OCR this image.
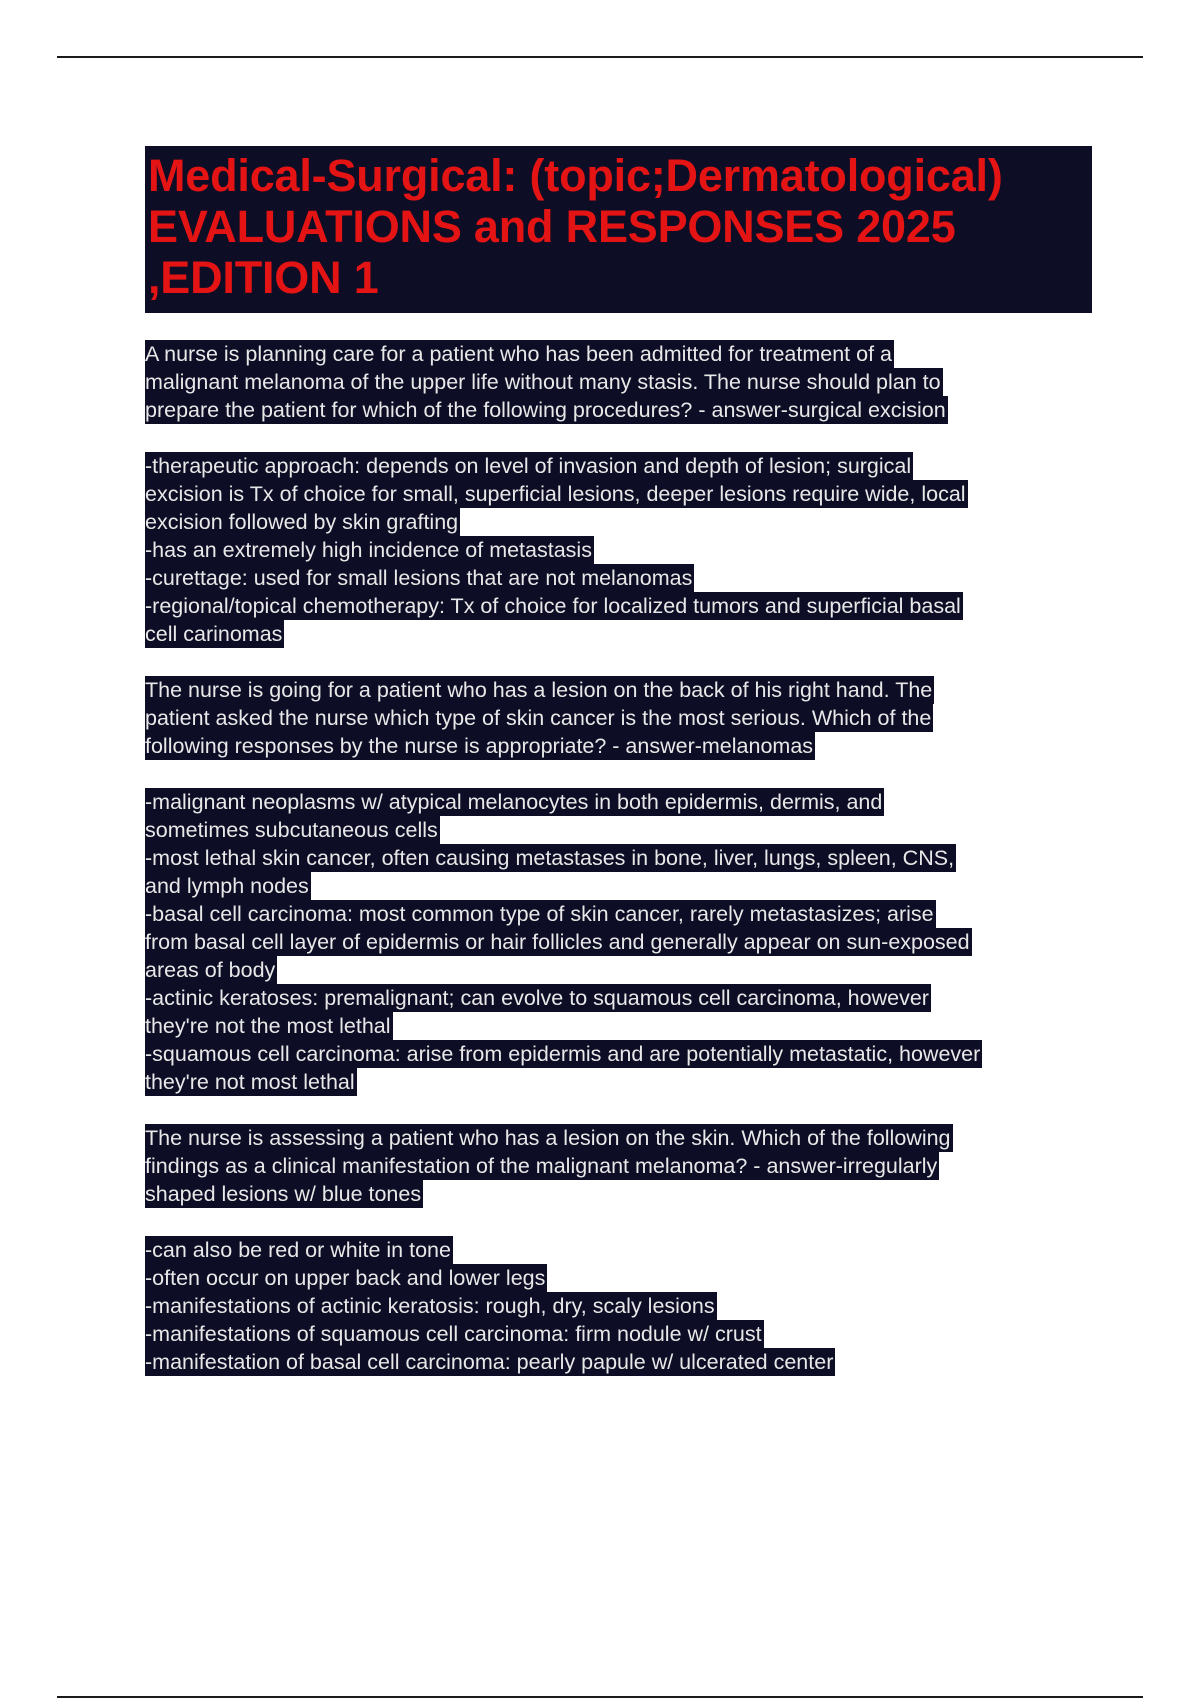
Medical-Surgical: (topic;Dermatological)
EVALUATIONS and RESPONSES 2025
,EDITION 1
A nurse is planning care for a patient who has been admitted for treatment of a
malignant melanoma of the upper life without many stasis. The nurse should plan to
prepare the patient for which of the following procedures? - answer-surgical excision
-therapeutic approach: depends on level of invasion and depth of lesion; surgical
excision is Tx of choice for small, superficial lesions, deeper lesions require wide, local
excision followed by skin grafting
-has an extremely high incidence of metastasis
-curettage: used for small lesions that are not melanomas
-regional/topical chemotherapy: Tx of choice for localized tumors and superficial basal
cell carinomas
The nurse is going for a patient who has a lesion on the back of his right hand. The
patient asked the nurse which type of skin cancer is the most serious. Which of the
following responses by the nurse is appropriate? - answer-melanomas
-malignant neoplasms w/ atypical melanocytes in both epidermis, dermis, and
sometimes subcutaneous cells
-most lethal skin cancer, often causing metastases in bone, liver, lungs, spleen, CNS,
and lymph nodes
-basal cell carcinoma: most common type of skin cancer, rarely metastasizes; arise
from basal cell layer of epidermis or hair follicles and generally appear on sun-exposed
areas of body
-actinic keratoses: premalignant; can evolve to squamous cell carcinoma, however
they're not the most lethal
-squamous cell carcinoma: arise from epidermis and are potentially metastatic, however
they're not most lethal
The nurse is assessing a patient who has a lesion on the skin. Which of the following
findings as a clinical manifestation of the malignant melanoma? - answer-irregularly
shaped lesions w/ blue tones
-can also be red or white in tone
-often occur on upper back and lower legs
-manifestations of actinic keratosis: rough, dry, scaly lesions
-manifestations of squamous cell carcinoma: firm nodule w/ crust
-manifestation of basal cell carcinoma: pearly papule w/ ulcerated center
